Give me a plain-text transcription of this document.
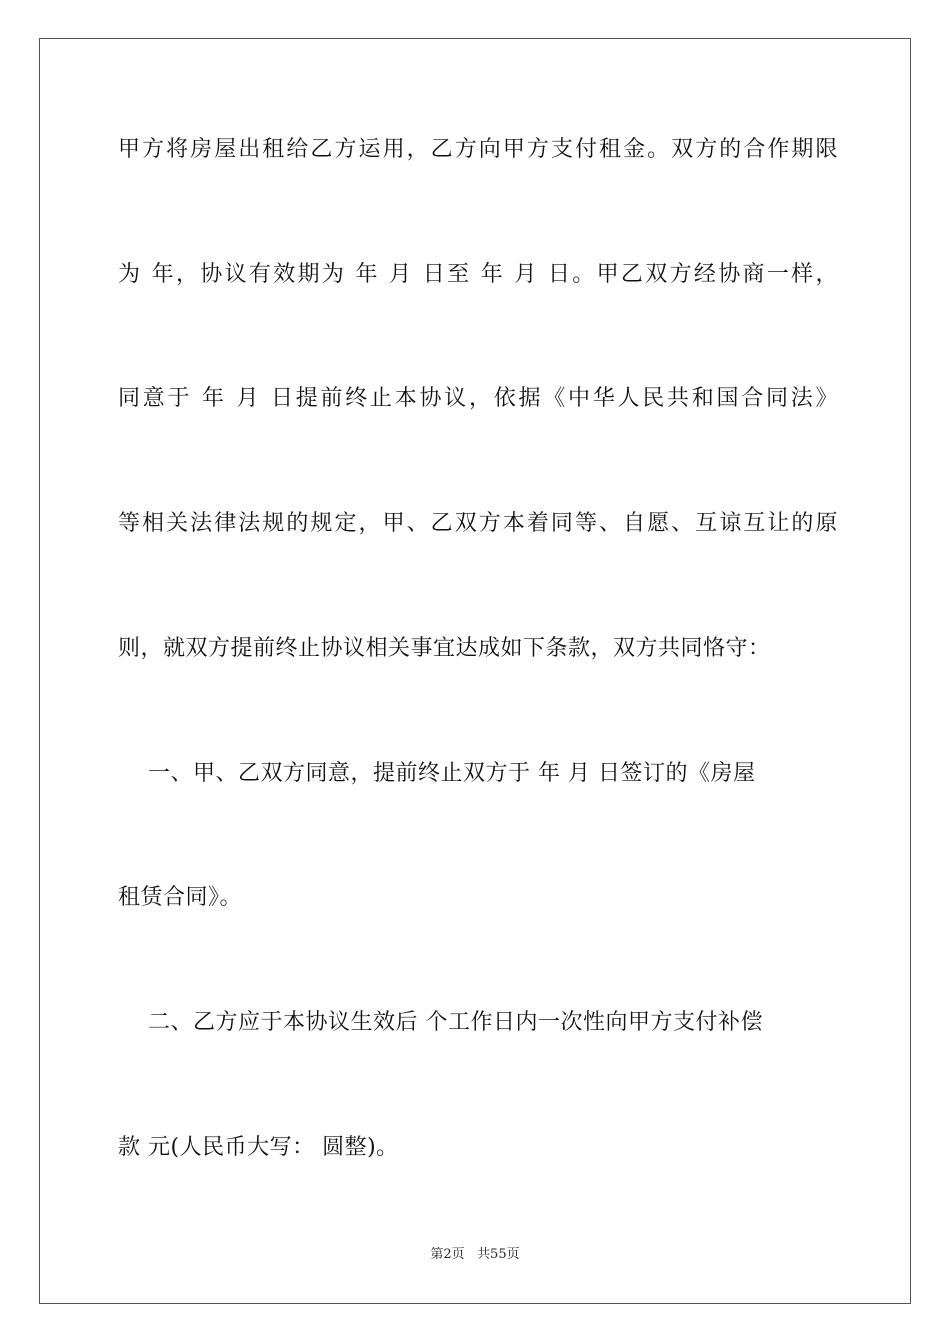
甲方将房屋出租给乙方运用，乙方向甲方支付租金。双方的合作期限
为 年，协议有效期为 年 月 日至 年 月 日。甲乙双方经协商一样，
同意于 年 月 日提前终止本协议，依据《中华人民共和国合同法》
等相关法律法规的规定，甲、乙双方本着同等、自愿、互谅互让的原
则，就双方提前终止协议相关事宜达成如下条款，双方共同恪守：
一、甲、乙双方同意，提前终止双方于 年 月 日签订的《房屋
租赁合同》。
二、乙方应于本协议生效后 个工作日内一次性向甲方支付补偿
款 元(人民币大写： 圆整)。
第2页   共55页
